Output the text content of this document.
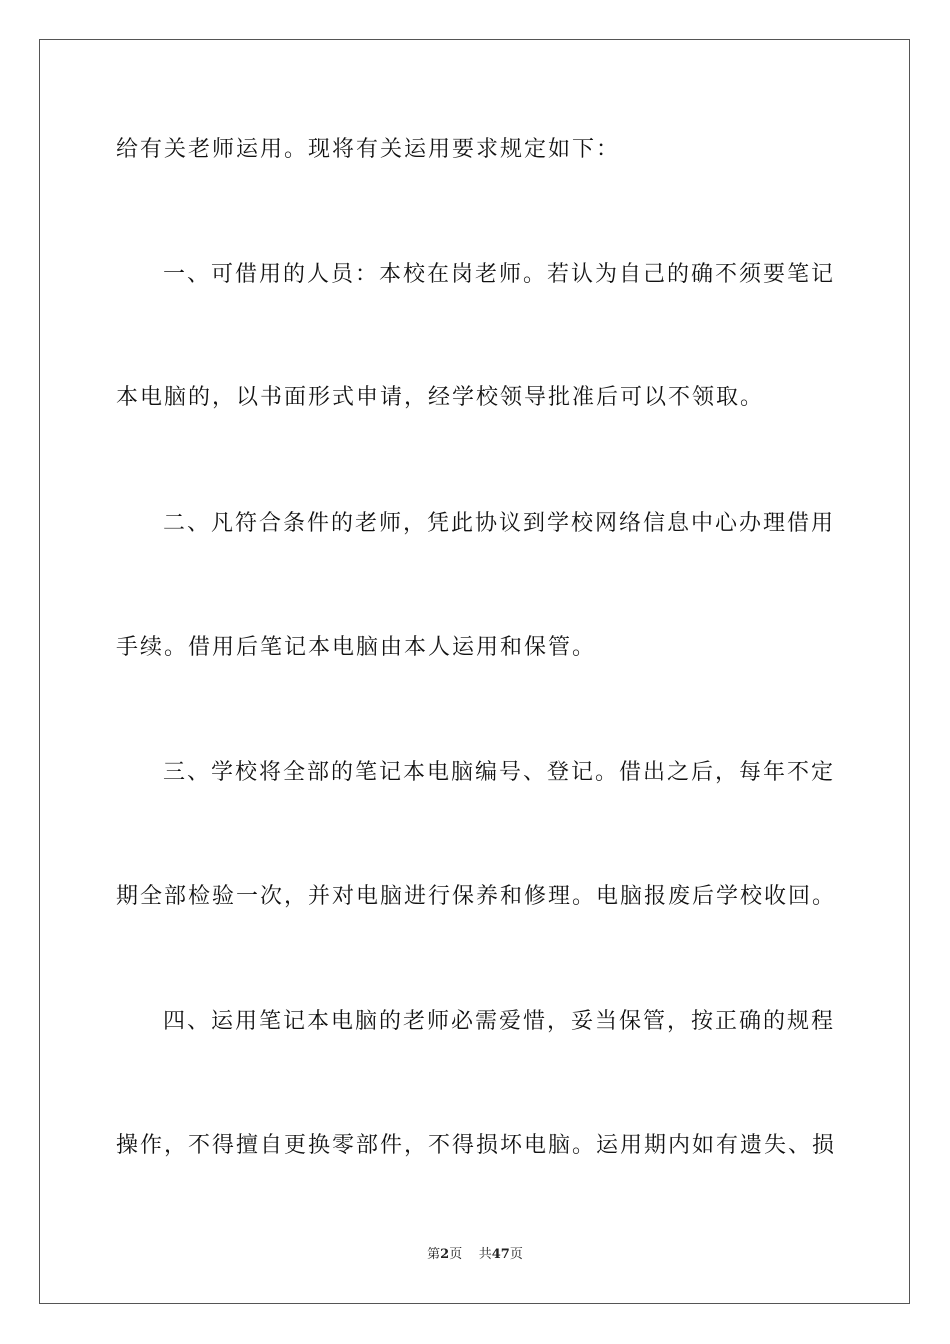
给有关老师运用。现将有关运用要求规定如下：
一、可借用的人员：本校在岗老师。若认为自己的确不须要笔记
本电脑的，以书面形式申请，经学校领导批准后可以不领取。
二、凡符合条件的老师，凭此协议到学校网络信息中心办理借用
手续。借用后笔记本电脑由本人运用和保管。
三、学校将全部的笔记本电脑编号、登记。借出之后，每年不定
期全部检验一次，并对电脑进行保养和修理。电脑报废后学校收回。
四、运用笔记本电脑的老师必需爱惜，妥当保管，按正确的规程
操作，不得擅自更换零部件，不得损坏电脑。运用期内如有遗失、损
第2页 共47页
